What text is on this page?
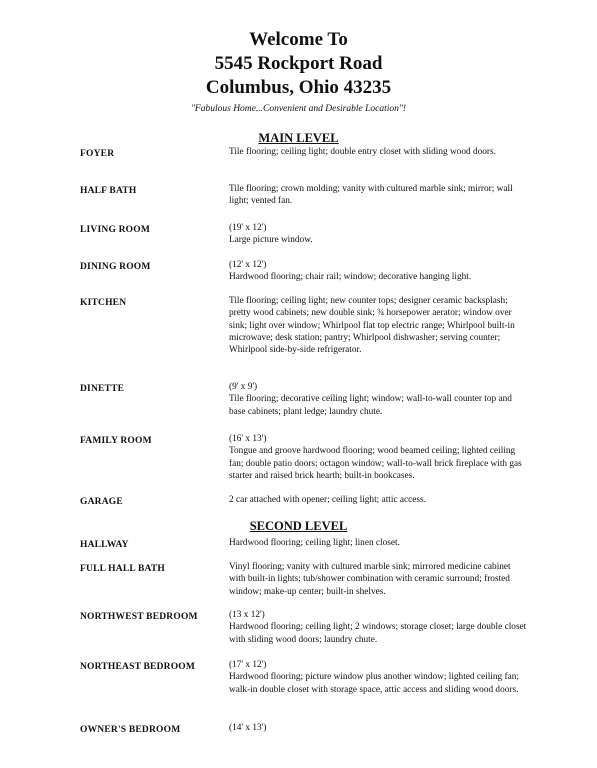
Welcome To
5545 Rockport Road
Columbus, Ohio 43235
"Fabulous Home...Convenient and Desirable Location"!
MAIN LEVEL
FOYER	Tile flooring; ceiling light; double entry closet with sliding wood doors.
HALF BATH	Tile flooring; crown molding; vanity with cultured marble sink; mirror; wall light; vented fan.
LIVING ROOM	(19' x 12')
Large picture window.
DINING ROOM	(12' x 12')
Hardwood flooring; chair rail; window; decorative hanging light.
KITCHEN	Tile flooring; ceiling light; new counter tops; designer ceramic backsplash; pretty wood cabinets; new double sink; ¾ horsepower aerator; window over sink; light over window; Whirlpool flat top electric range; Whirlpool built-in microwave; desk station; pantry; Whirlpool dishwasher; serving counter; Whirlpool side-by-side refrigerator.
DINETTE	(9' x 9')
Tile flooring; decorative ceiling light; window; wall-to-wall counter top and base cabinets; plant ledge; laundry chute.
FAMILY ROOM	(16' x 13')
Tongue and groove hardwood flooring; wood beamed ceiling; lighted ceiling fan; double patio doors; octagon window; wall-to-wall brick fireplace with gas starter and raised brick hearth; built-in bookcases.
GARAGE	2 car attached with opener; ceiling light; attic access.
SECOND LEVEL
HALLWAY	Hardwood flooring; ceiling light; linen closet.
FULL HALL BATH	Vinyl flooring; vanity with cultured marble sink; mirrored medicine cabinet with built-in lights; tub/shower combination with ceramic surround; frosted window; make-up center; built-in shelves.
NORTHWEST BEDROOM	(13 x 12')
Hardwood flooring; ceiling light; 2 windows; storage closet; large double closet with sliding wood doors; laundry chute.
NORTHEAST BEDROOM	(17' x 12')
Hardwood flooring; picture window plus another window; lighted ceiling fan; walk-in double closet with storage space, attic access and sliding wood doors.
OWNER'S BEDROOM	(14' x 13')
